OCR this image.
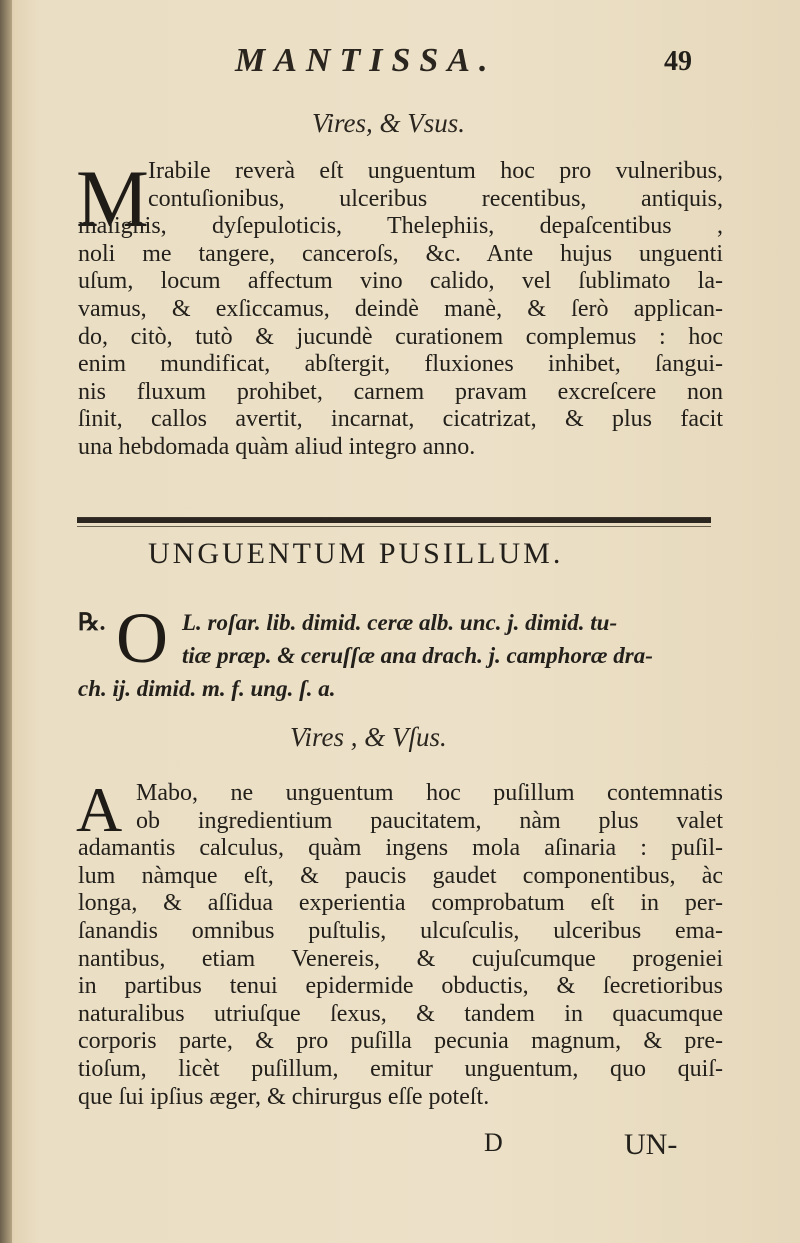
MANTISSA.	49
Vires, & Vsus.
M Irabile reverà eſt unguentum hoc pro vulneribus,
contuſionibus, ulceribus recentibus, antiquis,
malignis, dyſepuloticis, Thelephiis, depaſcentibus ,
noli me tangere, canceroſs, &c. Ante hujus unguenti
uſum, locum affectum vino calido, vel ſublimato la-
vamus, & exſiccamus, deindè manè, & ſerò applican-
do, citò, tutò & jucundè curationem complemus : hoc
enim mundificat, abſtergit, fluxiones inhibet, ſangui-
nis fluxum prohibet, carnem pravam excreſcere non
ſinit, callos avertit, incarnat, cicatrizat, & plus facit
una hebdomada quàm aliud integro anno.
UNGUENTUM PUSILLUM.
℞. O L. roſar. lib. dimid. ceræ alb. unc. j. dimid. tu-
tiæ præp. & ceruſſæ ana drach. j. camphoræ dra-
ch. ij. dimid. m. f. ung. ſ. a.
Vires , & Vſus.
A Mabo, ne unguentum hoc puſillum contemnatis
ob ingredientium paucitatem, nàm plus valet
adamantis calculus, quàm ingens mola aſinaria : puſil-
lum nàmque eſt, & paucis gaudet componentibus, àc
longa, & aſſidua experientia comprobatum eſt in per-
ſanandis omnibus puſtulis, ulcuſculis, ulceribus ema-
nantibus, etiam Venereis, & cujuſcumque progeniei
in partibus tenui epidermide obductis, & ſecretioribus
naturalibus utriuſque ſexus, & tandem in quacumque
corporis parte, & pro puſilla pecunia magnum, & pre-
tioſum, licèt puſillum, emitur unguentum, quo quiſ-
que ſui ipſius æger, & chirurgus eſſe poteſt.
D	UN-
